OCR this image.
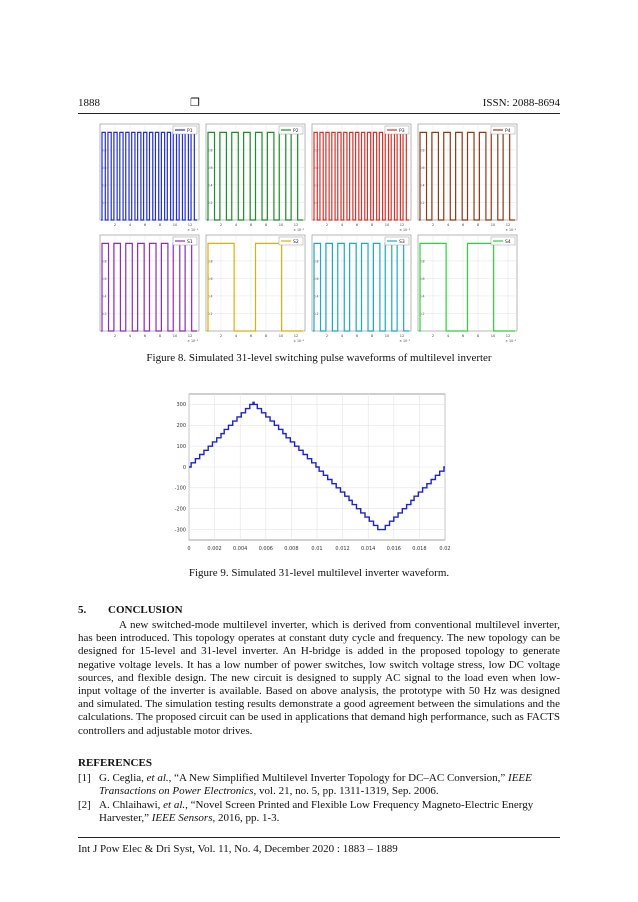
1888	❐	ISSN: 2088-8694
0.8
0.6
0.4
0.2
2	4	6	8	10	12
× 10⁻³
P1
0.8
0.6
0.4
0.2
2	4	6	8	10	12
× 10⁻³
P2
0.8
0.6
0.4
0.2
2	4	6	8	10	12
× 10⁻³
P3
0.8
0.6
0.4
0.2
2	4	6	8	10	12
× 10⁻³
P4
0.8
0.6
0.4
0.2
2	4	6	8	10	12
× 10⁻³
S1
0.8
0.6
0.4
0.2
2	4	6	8	10	12
× 10⁻³
S2
0.8
0.6
0.4
0.2
2	4	6	8	10	12
× 10⁻³
S3
0.8
0.6
0.4
0.2
2	4	6	8	10	12
× 10⁻³
S4
Figure 8. Simulated 31-level switching pulse waveforms of multilevel inverter
0	0.002 0.004 0.006 0.008	0.01	0.012 0.014 0.016 0.018	0.02
-300
-200
-100
0
100
200
300
Figure 9. Simulated 31-level multilevel inverter waveform.
5. CONCLUSION
A new switched-mode multilevel inverter, which is derived from conventional multilevel inverter, has been introduced. This topology operates at constant duty cycle and frequency. The new topology can be designed for 15-level and 31-level inverter. An H-bridge is added in the proposed topology to generate negative voltage levels. It has a low number of power switches, low switch voltage stress, low DC voltage sources, and flexible design. The new circuit is designed to supply AC signal to the load even when low-input voltage of the inverter is available. Based on above analysis, the prototype with 50 Hz was designed and simulated. The simulation testing results demonstrate a good agreement between the simulations and the calculations. The proposed circuit can be used in applications that demand high performance, such as FACTS controllers and adjustable motor drives.
REFERENCES
[1] G. Ceglia, et al., “A New Simplified Multilevel Inverter Topology for DC–AC Conversion,” IEEE Transactions on Power Electronics, vol. 21, no. 5, pp. 1311-1319, Sep. 2006.
[2] A. Chlaihawi, et al., “Novel Screen Printed and Flexible Low Frequency Magneto-Electric Energy Harvester,” IEEE Sensors, 2016, pp. 1-3.
Int J Pow Elec & Dri Syst, Vol. 11, No. 4, December 2020 : 1883 – 1889
